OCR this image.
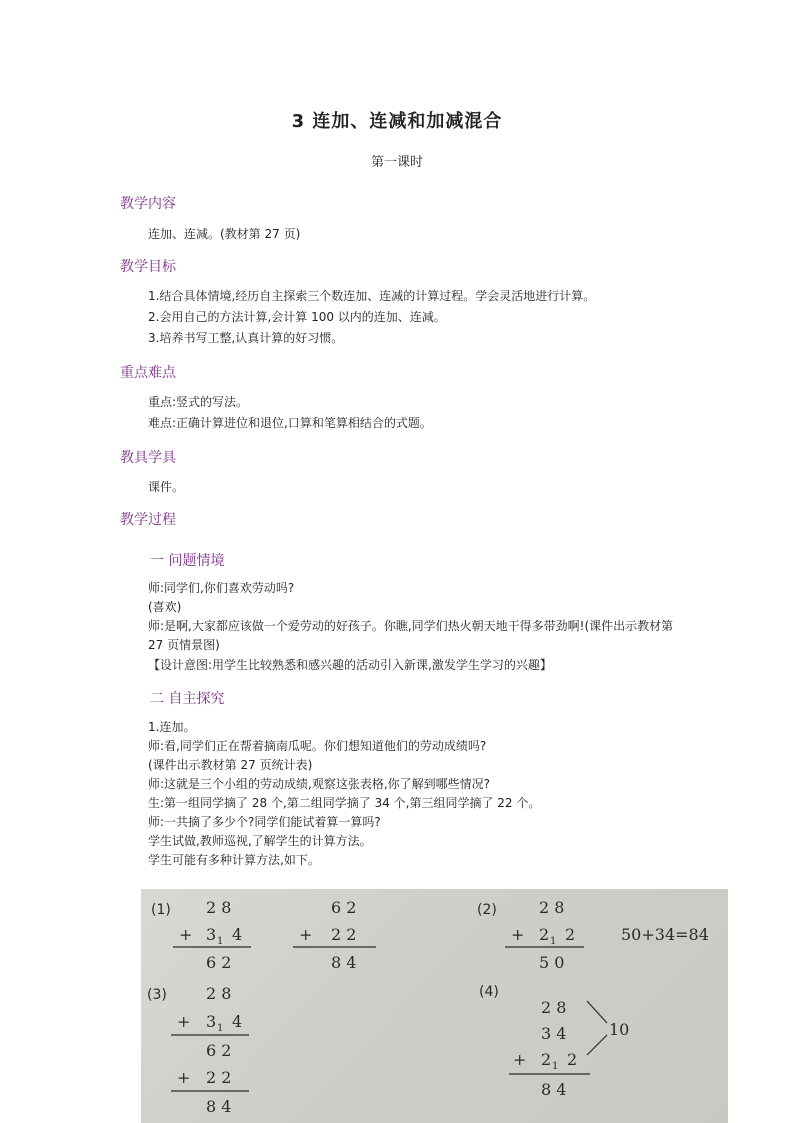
3 连加、连减和加减混合
第一课时
教学内容
连加、连减。(教材第 27 页)
教学目标
1.结合具体情境,经历自主探索三个数连加、连减的计算过程。学会灵活地进行计算。
2.会用自己的方法计算,会计算 100 以内的连加、连减。
3.培养书写工整,认真计算的好习惯。
重点难点
重点:竖式的写法。
难点:正确计算进位和退位,口算和笔算相结合的式题。
教具学具
课件。
教学过程
一 问题情境
师:同学们,你们喜欢劳动吗?
(喜欢)
师:是啊,大家都应该做一个爱劳动的好孩子。你瞧,同学们热火朝天地干得多带劲啊!(课件出示教材第 27 页情景图)
【设计意图:用学生比较熟悉和感兴趣的活动引入新课,激发学生学习的兴趣】
二 自主探究
1.连加。
师:看,同学们正在帮着摘南瓜呢。你们想知道他们的劳动成绩吗?
(课件出示教材第 27 页统计表)
师:这就是三个小组的劳动成绩,观察这张表格,你了解到哪些情况?
生:第一组同学摘了 28 个,第二组同学摘了 34 个,第三组同学摘了 22 个。
师:一共摘了多少个?同学们能试着算一算吗?
学生试做,教师巡视,了解学生的计算方法。
学生可能有多种计算方法,如下。
(1) 2 8
+ 3 1 4
6 2
6 2
+ 2 2
8 4
(2)	2 8
+ 2 1 2
5 0
50+34=84
(3) 2 8
+ 3 1 4
6 2
+ 2 2
8 4
(4)
2 8
3 4
+ 2 1 2
8 4
10
